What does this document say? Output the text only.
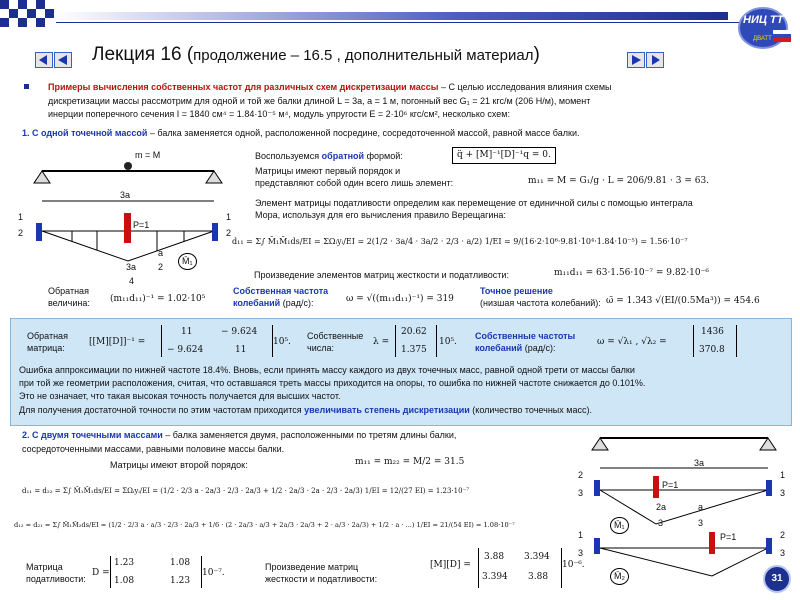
НИЦ ТТ
ДВАТТ
Лекция 16 (продолжение – 16.5 , дополнительный материал)
Примеры вычисления собственных частот для различных схем дискретизации массы – С целью исследования влияния схемы
дискретизации массы рассмотрим для одной и той же балки длиной L = 3a, a = 1 м, погонный вес G₁ = 21 кгс/м (206 Н/м), момент
инерции поперечного сечения I = 1840 см⁴ = 1.84·10⁻⁵ м⁴, модуль упругости E = 2·10⁶ кгс/см², несколько схем:
1. С одной точечной массой – балка заменяется одной, расположенной посредине, сосредоточенной массой, равной массе балки.
m = M
3a
P=1
1
2
1
2
3a
4
a
2
M̄₁
Воспользуемся обратной формой:	q̈ + [M]⁻¹[D]⁻¹q = 0.
Матрицы имеют первый порядок и
представляют собой один всего лишь элемент:	m₁₁ = M = G₁/g · L = 206/9.81 · 3 = 63.
Элемент матрицы податливости определим как перемещение от единичной силы с помощью интеграла
Мора, используя для его вычисления правило Верещагина:
d₁₁ = Σ∫ M̄₁M̄₁ds/EI = ΣΩᵢyᵢ/EI = 2(1/2 · 3a/4 · 3a/2 · 2/3 · a/2) 1/EI = 9/(16·2·10⁶·9.81·10⁴·1.84·10⁻⁵) = 1.56·10⁻⁷
Произведение элементов матриц жесткости и податливости:	m₁₁d₁₁ = 63·1.56·10⁻⁷ = 9.82·10⁻⁶
Обратная
величина: (m₁₁d₁₁)⁻¹ = 1.02·10⁵
Собственная частота
колебаний (рад/с):	ω = √((m₁₁d₁₁)⁻¹) = 319
Точное решение
(низшая частота колебаний): ω̃ = 1.343 √(EI/(0.5Ma³)) = 454.6
Обратная
матрица:
[[M][D]]⁻¹ =
11	− 9.624
− 9.624	11
10⁵.
Собственные
числа:
λ =
20.62
1.375
10⁵.
Собственные частоты
колебаний (рад/с):
ω = √λ₁ , √λ₂ =
1436
370.8
Ошибка аппроксимации по нижней частоте 18.4%. Вновь, если принять массу каждого из двух точечных масс, равной одной трети от массы балки
при той же геометрии расположения, считая, что оставшаяся треть массы приходится на опоры, то ошибка по нижней частоте снижается до 0.101%.
Это не означает, что такая высокая точность получается для высших частот.
Для получения достаточной точности по этим частотам приходится увеличивать степень дискретизации (количество точечных масс).
2. С двумя точечными массами – балка заменяется двумя, расположенными по третям длины балки,
сосредоточенными массами, равными половине массы балки.
Матрицы имеют второй порядок:	m₁₁ = m₂₂ = M/2 = 31.5
d₁₁ = d₂₂ = Σ∫ M̄₁M̄₁ds/EI = ΣΩᵢyᵢ/EI = (1/2 · 2/3 a · 2a/3 · 2/3 · 2a/3 + 1/2 · 2a/3 · 2a · 2/3 · 2a/3) 1/EI = 12/(27 EI) = 1.23·10⁻⁷
d₁₂ = d₂₁ = Σ∫ M̄₁M̄₂ds/EI = (1/2 · 2/3 a · a/3 · 2/3 · 2a/3 + 1/6 · (2 · 2a/3 · a/3 + 2a/3 · 2a/3 + 2 · a/3 · 2a/3) + 1/2 · a · ...) 1/EI = 21/(54 EI) = 1.08·10⁻⁷
Матрица
податливости:
D =
1.23	1.08
1.08	1.23
10⁻⁷.
Произведение матриц
жесткости и податливости:
[M][D] =
3.88 3.394
3.394 3.88
10⁻⁶.
3a
P=1
P=1
2
3
1
3
1
3
2
3
2a
3
a
3
M̄₁
M̄₂	31
